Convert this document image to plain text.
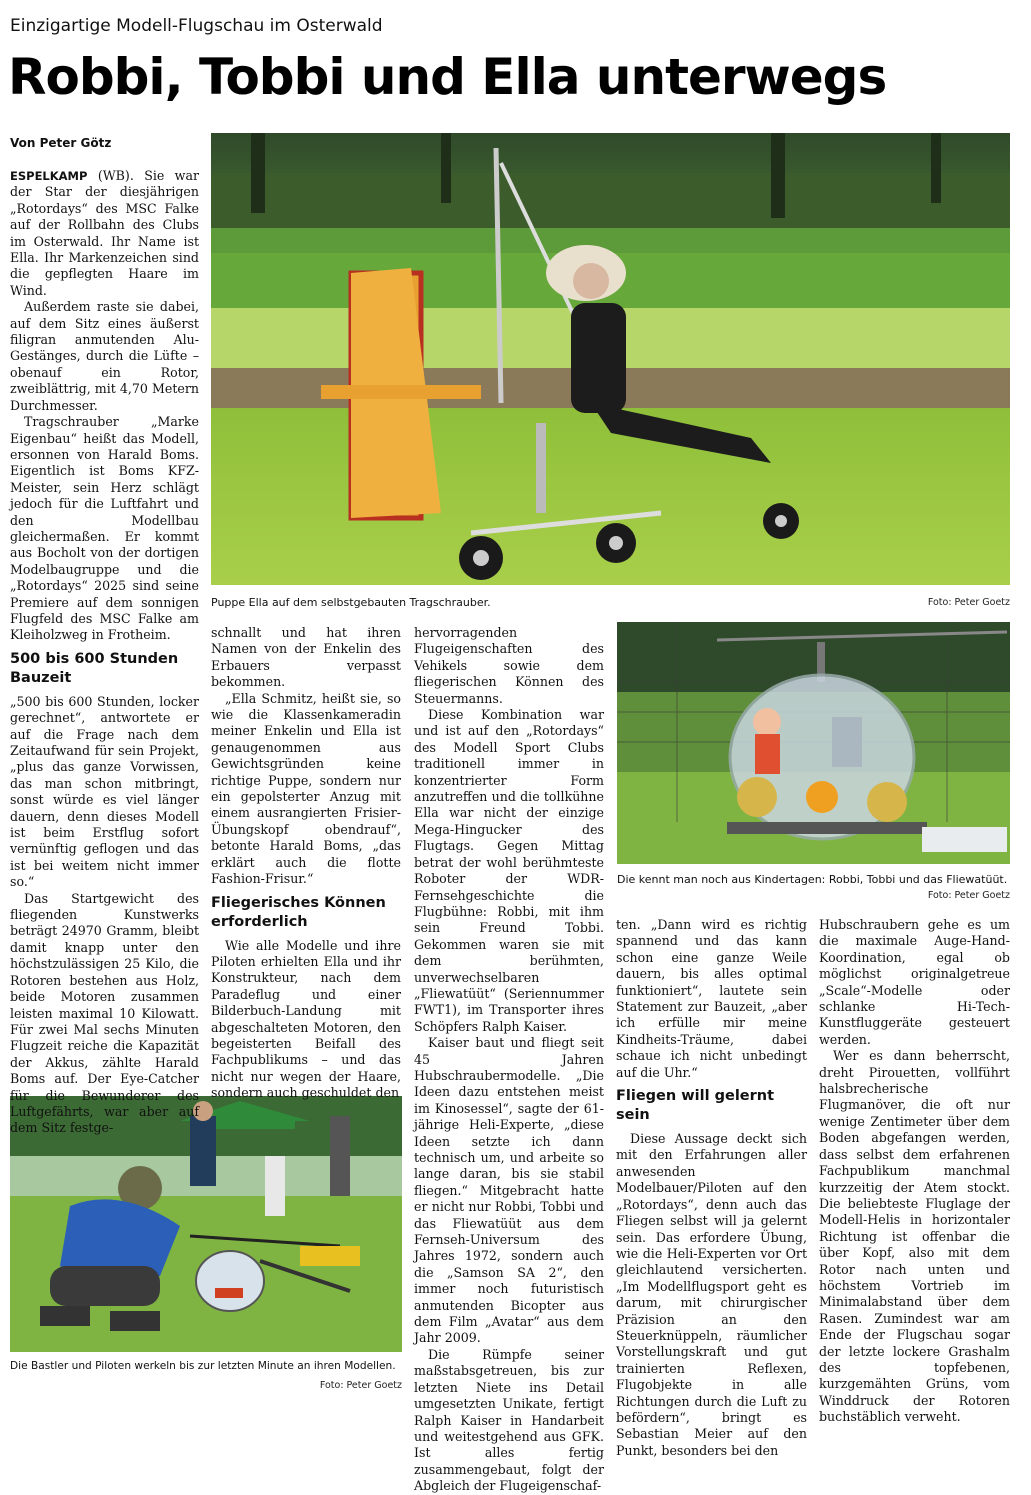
Einzigartige Modell-Flugschau im Osterwald
Robbi, Tobbi und Ella unterwegs
Von Peter Götz
Puppe Ella auf dem selbstgebauten Tragschrauber.	Foto: Peter Goetz
Die kennt man noch aus Kindertagen: Robbi, Tobbi und das Fliewatüüt.
Foto: Peter Goetz
Die Bastler und Piloten werkeln bis zur letzten Minute an ihren Modellen.
Foto: Peter Goetz

ESPELKAMP (WB). Sie war der Star der diesjährigen „Rotordays“ des MSC Falke auf der Rollbahn des Clubs im Osterwald. Ihr Name ist Ella. Ihr Markenzeichen sind die gepflegten Haare im Wind.

Außerdem raste sie dabei, auf dem Sitz eines äußerst filigran anmutenden Alu-Gestänges, durch die Lüfte – obenauf ein Rotor, zweiblättrig, mit 4,70 Metern Durchmesser.

Tragschrauber „Marke Eigenbau“ heißt das Modell, ersonnen von Harald Boms. Eigentlich ist Boms KFZ-Meister, sein Herz schlägt jedoch für die Luftfahrt und den Modellbau gleichermaßen. Er kommt aus Bocholt von der dortigen Modelbaugruppe und die „Rotordays“ 2025 sind seine Premiere auf dem sonnigen Flugfeld des MSC Falke am Kleiholzweg in Frotheim.

500 bis 600 Stunden Bauzeit

„500 bis 600 Stunden, locker gerechnet“, antwortete er auf die Frage nach dem Zeitaufwand für sein Projekt, „plus das ganze Vorwissen, das man schon mitbringt, sonst würde es viel länger dauern, denn dieses Modell ist beim Erstflug sofort vernünftig geflogen und das ist bei weitem nicht immer so.“

Das Startgewicht des fliegenden Kunstwerks beträgt 24970 Gramm, bleibt damit knapp unter den höchstzulässigen 25 Kilo, die Rotoren bestehen aus Holz, beide Motoren zusammen leisten maximal 10 Kilowatt. Für zwei Mal sechs Minuten Flugzeit reiche die Kapazität der Akkus, zählte Harald Boms auf. Der Eye-Catcher für die Bewunderer des Luftgefährts, war aber auf dem Sitz festge-

schnallt und hat ihren Namen von der Enkelin des Erbauers verpasst bekommen.

„Ella Schmitz, heißt sie, so wie die Klassenkameradin meiner Enkelin und Ella ist genaugenommen aus Gewichtsgründen keine richtige Puppe, sondern nur ein gepolsterter Anzug mit einem ausrangierten Frisier-Übungskopf obendrauf“, betonte Harald Boms, „das erklärt auch die flotte Fashion-Frisur.“

Fliegerisches Können erforderlich

Wie alle Modelle und ihre Piloten erhielten Ella und ihr Konstrukteur, nach dem Paradeflug und einer Bilderbuch-Landung mit abgeschalteten Motoren, den begeisterten Beifall des Fachpublikums – und das nicht nur wegen der Haare, sondern auch geschuldet den

hervorragenden Flugeigenschaften des Vehikels sowie dem fliegerischen Können des Steuermanns.

Diese Kombination war und ist auf den „Rotordays“ des Modell Sport Clubs traditionell immer in konzentrierter Form anzutreffen und die tollkühne Ella war nicht der einzige Mega-Hingucker des Flugtags. Gegen Mittag betrat der wohl berühmteste Roboter der WDR-Fernsehgeschichte die Flugbühne: Robbi, mit ihm sein Freund Tobbi. Gekommen waren sie mit dem berühmten, unverwechselbaren „Fliewatüüt“ (Seriennummer FWT1), im Transporter ihres Schöpfers Ralph Kaiser.

Kaiser baut und fliegt seit 45 Jahren Hubschraubermodelle. „Die Ideen dazu entstehen meist im Kinosessel“, sagte der 61-jährige Heli-Experte, „diese Ideen setzte ich dann technisch um, und arbeite so lange daran, bis sie stabil fliegen.“ Mitgebracht hatte er nicht nur Robbi, Tobbi und das Fliewatüüt aus dem Fernseh-Universum des Jahres 1972, sondern auch die „Samson SA 2“, den immer noch futuristisch anmutenden Bicopter aus dem Film „Avatar“ aus dem Jahr 2009.

Die Rümpfe seiner maßstabsgetreuen, bis zur letzten Niete ins Detail umgesetzten Unikate, fertigt Ralph Kaiser in Handarbeit und weitestgehend aus GFK. Ist alles fertig zusammengebaut, folgt der Abgleich der Flugeigenschaf-

ten. „Dann wird es richtig spannend und das kann schon eine ganze Weile dauern, bis alles optimal funktioniert“, lautete sein Statement zur Bauzeit, „aber ich erfülle mir meine Kindheits-Träume, dabei schaue ich nicht unbedingt auf die Uhr.“

Fliegen will gelernt sein

Diese Aussage deckt sich mit den Erfahrungen aller anwesenden Modelbauer/Piloten auf den „Rotordays“, denn auch das Fliegen selbst will ja gelernt sein. Das erfordere Übung, wie die Heli-Experten vor Ort gleichlautend versicherten. „Im Modellflugsport geht es darum, mit chirurgischer Präzision an den Steuerknüppeln, räumlicher Vorstellungskraft und gut trainierten Reflexen, Flugobjekte in alle Richtungen durch die Luft zu befördern“, bringt es Sebastian Meier auf den Punkt, besonders bei den

Hubschraubern gehe es um die maximale Auge-Hand-Koordination, egal ob möglichst originalgetreue „Scale“-Modelle oder schlanke Hi-Tech-Kunstfluggeräte gesteuert werden.

Wer es dann beherrscht, dreht Pirouetten, vollführt halsbrecherische Flugmanöver, die oft nur wenige Zentimeter über dem Boden abgefangen werden, dass selbst dem erfahrenen Fachpublikum manchmal kurzzeitig der Atem stockt. Die beliebteste Fluglage der Modell-Helis in horizontaler Richtung ist offenbar die über Kopf, also mit dem Rotor nach unten und höchstem Vortrieb im Minimalabstand über dem Rasen. Zumindest war am Ende der Flugschau sogar der letzte lockere Grashalm des topfebenen, kurzgemähten Grüns, vom Winddruck der Rotoren buchstäblich verweht.
